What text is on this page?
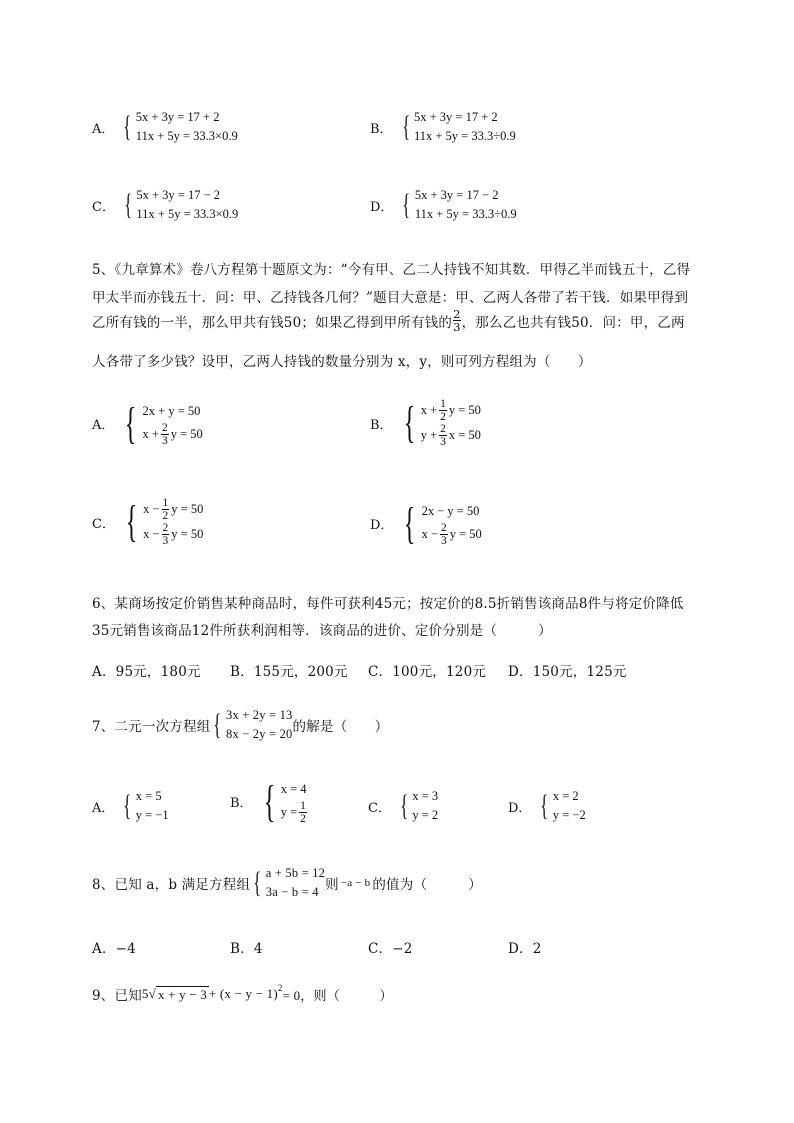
A． { 5x + 3y = 17 + 2
11x + 5y = 33.3×0.9	B． { 5x + 3y = 17 + 2
11x + 5y = 33.3÷0.9
C． { 5x + 3y = 17 − 2
11x + 5y = 33.3×0.9	D． { 5x + 3y = 17 − 2
11x + 5y = 33.3÷0.9
5、《九章算术》卷八方程第十题原文为：“今有甲、乙二人持钱不知其数．甲得乙半而钱五十，乙得
甲太半而亦钱五十．问：甲、乙持钱各几何？”题目大意是：甲、乙两人各带了若干钱．如果甲得到
乙所有钱的一半，那么甲共有钱50；如果乙得到甲所有钱的 $\frac{2}{3}$ ，那么乙也共有钱50．问：甲，乙两
人各带了多少钱？设甲，乙两人持钱的数量分别为 x，y，则可列方程组为（　　）
A． { 2x + y = 50
$x + \frac{2}{3}$ y = 50
B． { $x + \frac{1}{2}$ y = 50
$y + \frac{2}{3}$ x = 50
C． { $x - \frac{1}{2}$ y = 50
$x - \frac{2}{3}$ y = 50
D． { 2x − y = 50
$x - \frac{2}{3}$ y = 50
6、某商场按定价销售某种商品时，每件可获利45元；按定价的8.5折销售该商品8件与将定价降低
35元销售该商品12件所获利润相等．该商品的进价、定价分别是（　　　）
A．95元，180元 B．155元，200元 C．100元，120元 D．150元，125元
7、二元一次方程组 { 3x + 2y = 13
8x − 2y = 20 的解是（　　）
A． { x = 5
y = −1
B． { x = 4
$y = \frac{1}{2}$	C． { x = 3
y = 2	D． { x = 2
y = −2
8、已知 a，b 满足方程组 { a + 5b = 12
3a − b = 4 则 −a − b 的值为（　　　）
A．−4	B．4	C．−2	D．2
9、已知 5 √ $x + y - 3 + (x - y - 1)^2 = 0$，则（　　　）
